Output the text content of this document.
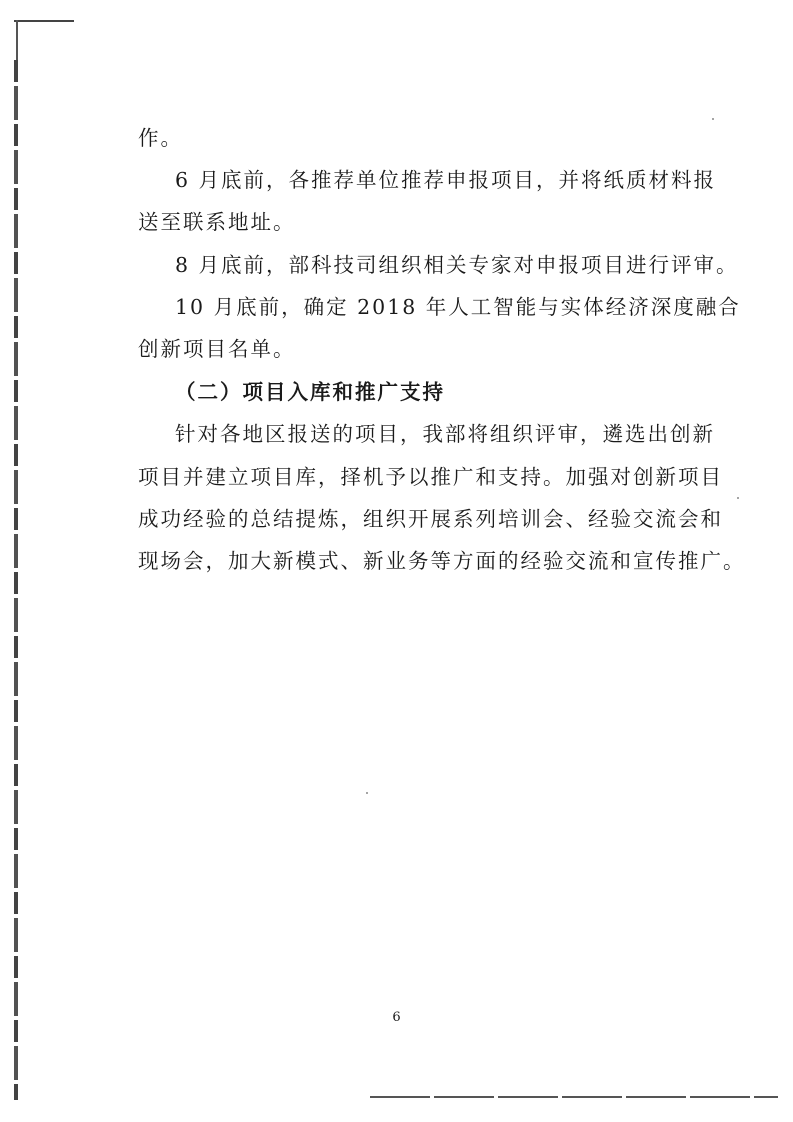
作。
6 月底前，各推荐单位推荐申报项目，并将纸质材料报
送至联系地址。
8 月底前，部科技司组织相关专家对申报项目进行评审。
10 月底前，确定 2018 年人工智能与实体经济深度融合
创新项目名单。
（二）项目入库和推广支持
针对各地区报送的项目，我部将组织评审，遴选出创新
项目并建立项目库，择机予以推广和支持。加强对创新项目
成功经验的总结提炼，组织开展系列培训会、经验交流会和
现场会，加大新模式、新业务等方面的经验交流和宣传推广。
6
